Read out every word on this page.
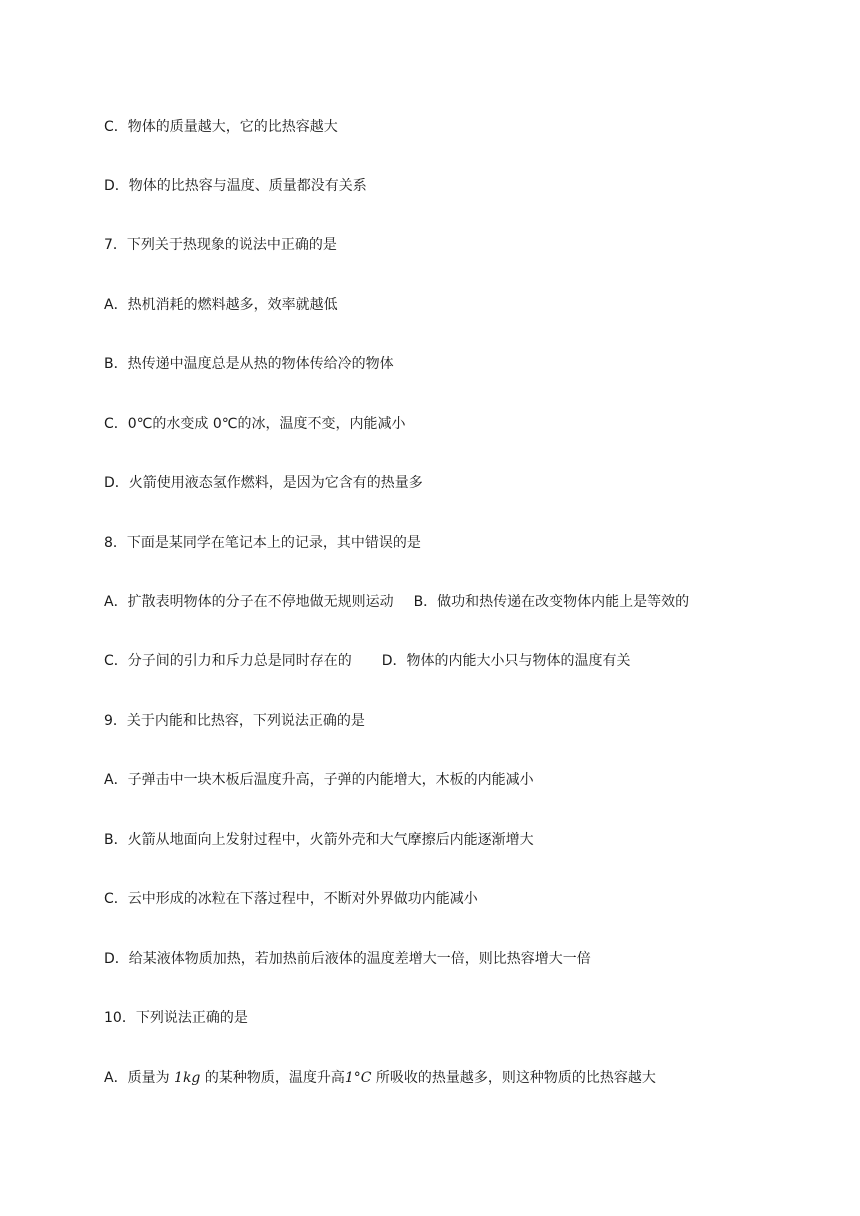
C．物体的质量越大，它的比热容越大
D．物体的比热容与温度、质量都没有关系
7．下列关于热现象的说法中正确的是
A．热机消耗的燃料越多，效率就越低
B．热传递中温度总是从热的物体传给冷的物体
C．0℃的水变成 0℃的冰，温度不变，内能减小
D．火箭使用液态氢作燃料，是因为它含有的热量多
8．下面是某同学在笔记本上的记录，其中错误的是
A．扩散表明物体的分子在不停地做无规则运动 B．做功和热传递在改变物体内能上是等效的
C．分子间的引力和斥力总是同时存在的 D．物体的内能大小只与物体的温度有关
9．关于内能和比热容，下列说法正确的是
A．子弹击中一块木板后温度升高，子弹的内能增大，木板的内能减小
B．火箭从地面向上发射过程中，火箭外壳和大气摩擦后内能逐渐增大
C．云中形成的冰粒在下落过程中，不断对外界做功内能减小
D．给某液体物质加热，若加热前后液体的温度差增大一倍，则比热容增大一倍
10．下列说法正确的是
A．质量为 1kg 的某种物质，温度升高1°C 所吸收的热量越多，则这种物质的比热容越大
